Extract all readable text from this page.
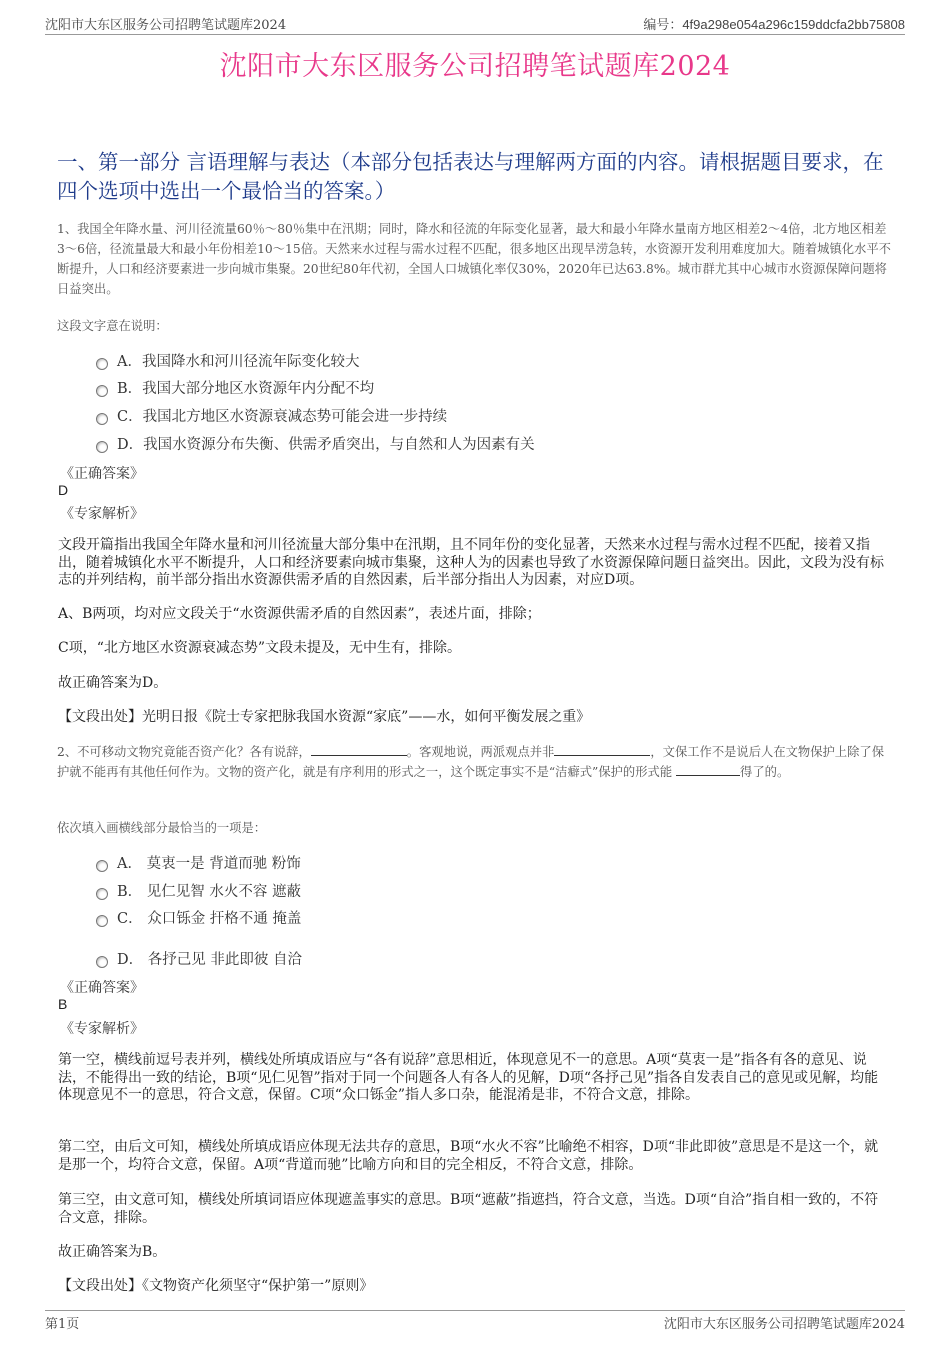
沈阳市大东区服务公司招聘笔试题库2024	编号：4f9a298e054a296c159ddcfa2bb75808
沈阳市大东区服务公司招聘笔试题库2024
一、第一部分 言语理解与表达（本部分包括表达与理解两方面的内容。请根据题目要求，在四个选项中选出一个最恰当的答案。）
1、我国全年降水量、河川径流量60％～80％集中在汛期；同时，降水和径流的年际变化显著，最大和最小年降水量南方地区相差2～4倍，北方地区相差3～6倍，径流量最大和最小年份相差10～15倍。天然来水过程与需水过程不匹配，很多地区出现旱涝急转，水资源开发利用难度加大。随着城镇化水平不断提升，人口和经济要素进一步向城市集聚。20世纪80年代初，全国人口城镇化率仅30%，2020年已达63.8%。城市群尤其中心城市水资源保障问题将日益突出。
这段文字意在说明：
A．我国降水和河川径流年际变化较大
B．我国大部分地区水资源年内分配不均
C．我国北方地区水资源衰减态势可能会进一步持续
D．我国水资源分布失衡、供需矛盾突出，与自然和人为因素有关
《正确答案》
D
《专家解析》
文段开篇指出我国全年降水量和河川径流量大部分集中在汛期，且不同年份的变化显著，天然来水过程与需水过程不匹配，接着又指出，随着城镇化水平不断提升，人口和经济要素向城市集聚，这种人为的因素也导致了水资源保障问题日益突出。因此，文段为没有标志的并列结构，前半部分指出水资源供需矛盾的自然因素，后半部分指出人为因素，对应D项。
A、B两项，均对应文段关于“水资源供需矛盾的自然因素”，表述片面，排除；
C项，“北方地区水资源衰减态势”文段未提及，无中生有，排除。
故正确答案为D。
【文段出处】光明日报《院士专家把脉我国水资源“家底”——水，如何平衡发展之重》
2、不可移动文物究竟能否资产化？各有说辞，	。客观地说，两派观点并非	，文保工作不是说后人在文物保护上除了保护就不能再有其他任何作为。文物的资产化，就是有序利用的形式之一，这个既定事实不是“洁癖式”保护的形式能	得了的。
依次填入画横线部分最恰当的一项是：
A． 莫衷一是 背道而驰 粉饰
B． 见仁见智 水火不容 遮蔽
C． 众口铄金 扞格不通 掩盖
D． 各抒己见 非此即彼 自洽
《正确答案》
B
《专家解析》
第一空，横线前逗号表并列，横线处所填成语应与“各有说辞”意思相近，体现意见不一的意思。A项“莫衷一是”指各有各的意见、说法，不能得出一致的结论，B项“见仁见智”指对于同一个问题各人有各人的见解，D项“各抒己见”指各自发表自己的意见或见解，均能体现意见不一的意思，符合文意，保留。C项“众口铄金”指人多口杂，能混淆是非，不符合文意，排除。
第二空，由后文可知，横线处所填成语应体现无法共存的意思，B项“水火不容”比喻绝不相容，D项“非此即彼”意思是不是这一个，就是那一个，均符合文意，保留。A项“背道而驰”比喻方向和目的完全相反，不符合文意，排除。
第三空，由文意可知，横线处所填词语应体现遮盖事实的意思。B项“遮蔽”指遮挡，符合文意，当选。D项“自洽”指自相一致的，不符合文意，排除。
故正确答案为B。
【文段出处】《文物资产化须坚守“保护第一”原则》
第1页	沈阳市大东区服务公司招聘笔试题库2024
